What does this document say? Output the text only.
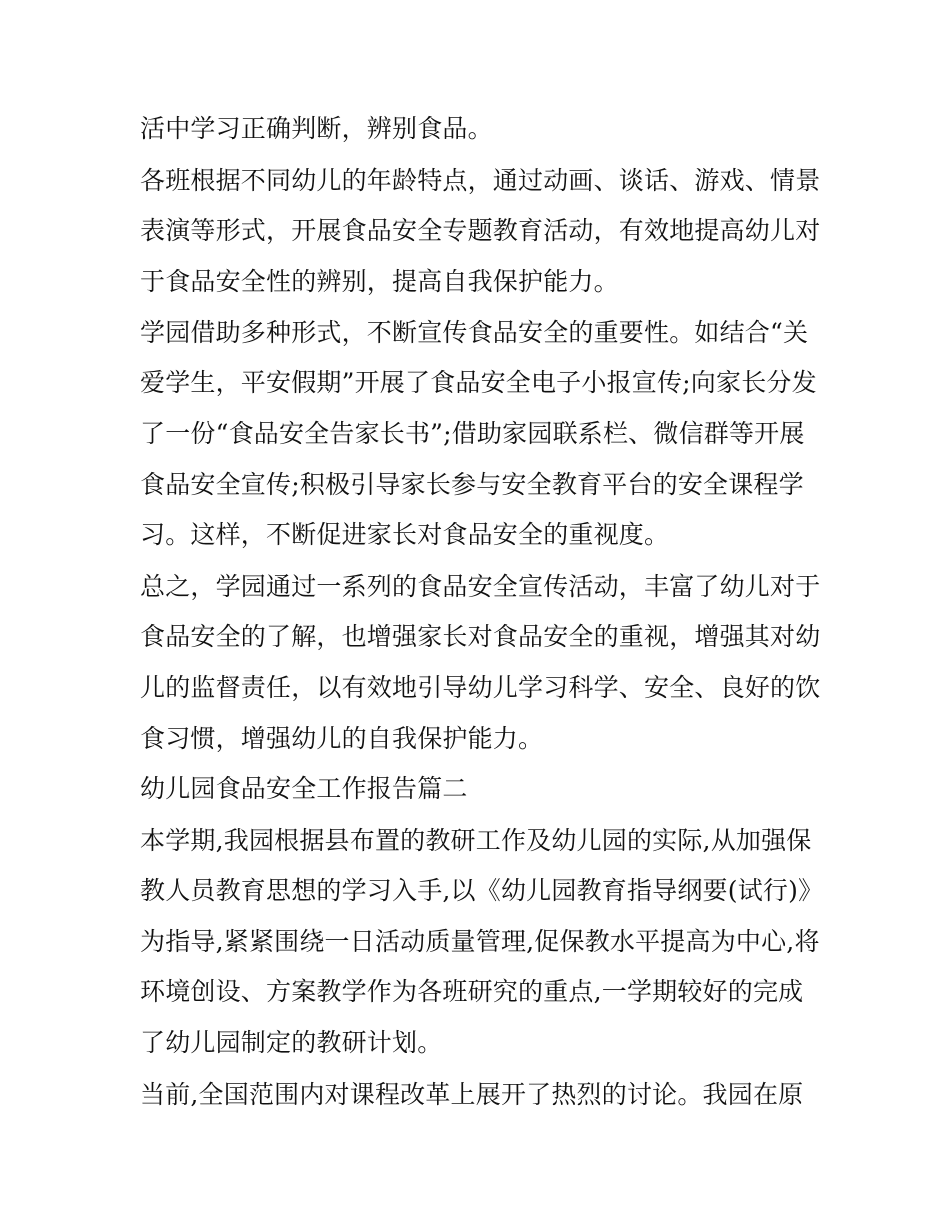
活中学习正确判断，辨别食品。
各班根据不同幼儿的年龄特点，通过动画、谈话、游戏、情景
表演等形式，开展食品安全专题教育活动，有效地提高幼儿对
于食品安全性的辨别，提高自我保护能力。
学园借助多种形式，不断宣传食品安全的重要性。如结合“关
爱学生，平安假期”开展了食品安全电子小报宣传;向家长分发
了一份“食品安全告家长书”;借助家园联系栏、微信群等开展
食品安全宣传;积极引导家长参与安全教育平台的安全课程学
习。这样，不断促进家长对食品安全的重视度。
总之，学园通过一系列的食品安全宣传活动，丰富了幼儿对于
食品安全的了解，也增强家长对食品安全的重视，增强其对幼
儿的监督责任，以有效地引导幼儿学习科学、安全、良好的饮
食习惯，增强幼儿的自我保护能力。
幼儿园食品安全工作报告篇二
本学期,我园根据县布置的教研工作及幼儿园的实际,从加强保
教人员教育思想的学习入手,以《幼儿园教育指导纲要(试行)》
为指导,紧紧围绕一日活动质量管理,促保教水平提高为中心,将
环境创设、方案教学作为各班研究的重点,一学期较好的完成
了幼儿园制定的教研计划。
当前,全国范围内对课程改革上展开了热烈的讨论。我园在原
